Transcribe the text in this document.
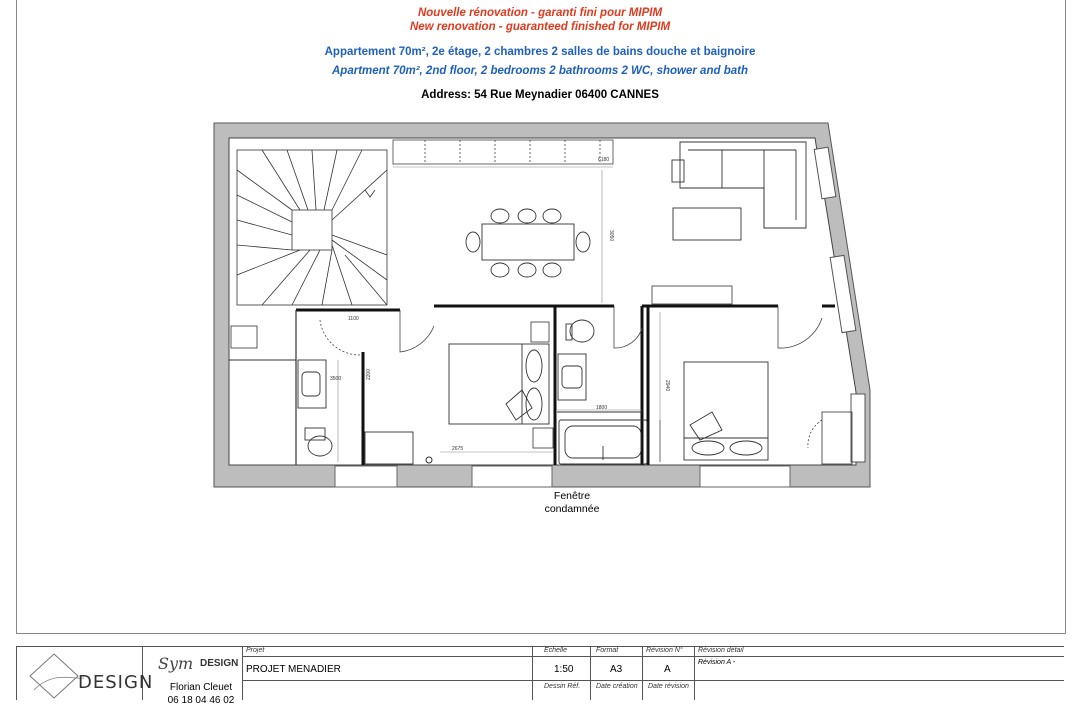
Nouvelle rénovation - garanti fini pour MIPIM
New renovation - guaranteed finished for MIPIM
Appartement 70m², 2e étage, 2 chambres 2 salles de bains douche et baignoire
Apartment 70m², 2nd floor, 2 bedrooms 2 bathrooms 2 WC, shower and bath
Address: 54 Rue Meynadier 06400 CANNES
6180
3050
3500	2200
2675
1800
2940
1100
Fenêtre
condamnée
DESIGN
Sym DESIGN
Florian Cleuet
06 18 04 46 02
Projet
PROJET MENADIER
Echelle
1:50
Format
A3
Révision N°
A
Révision détail
Révision A -
Dessin Réf. Date création Date révision
